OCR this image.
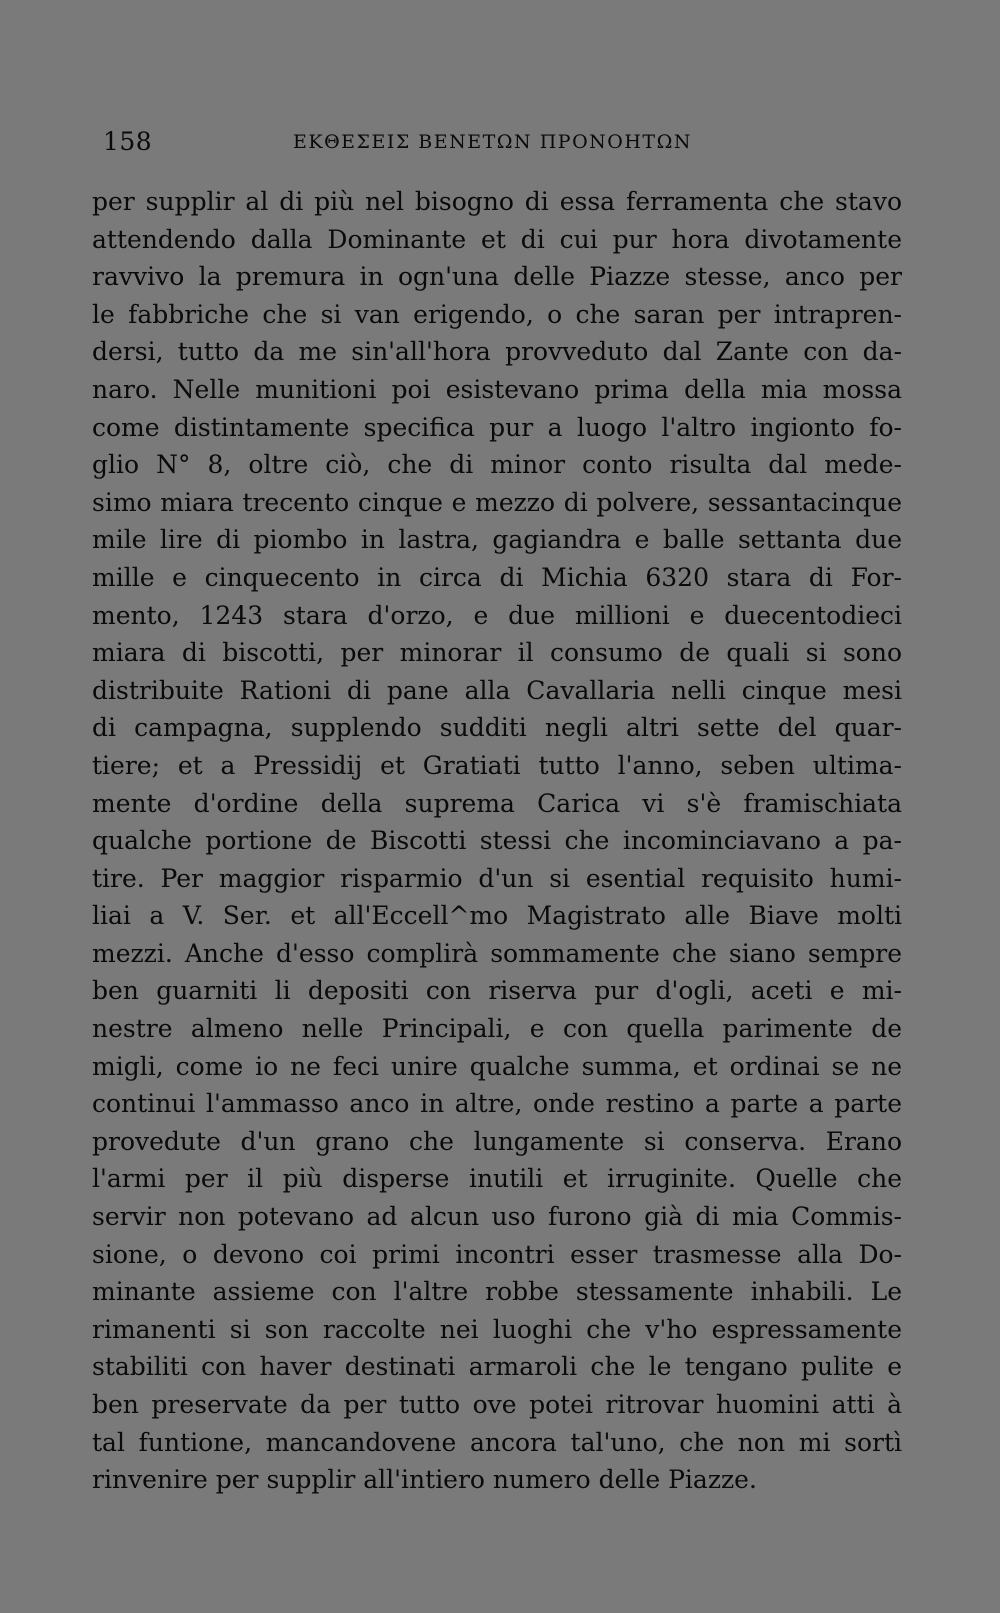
158	ΕΚΘΕΣΕΙΣ ΒΕΝΕΤΩΝ ΠΡΟΝΟΗΤΩΝ
per supplir al di più nel bisogno di essa ferramenta che stavo
attendendo dalla Dominante et di cui pur hora divotamente
ravvivo la premura in ogn'una delle Piazze stesse, anco per
le fabbriche che si van erigendo, o che saran per intrapren-
dersi, tutto da me sin'all'hora provveduto dal Zante con da-
naro. Nelle munitioni poi esistevano prima della mia mossa
come distintamente specifica pur a luogo l'altro ingionto fo-
glio N° 8, oltre ciò, che di minor conto risulta dal mede-
simo miara trecento cinque e mezzo di polvere, sessantacinque
mile lire di piombo in lastra, gagiandra e balle settanta due
mille e cinquecento in circa di Michia 6320 stara di For-
mento, 1243 stara d'orzo, e due millioni e duecentodieci
miara di biscotti, per minorar il consumo de quali si sono
distribuite Rationi di pane alla Cavallaria nelli cinque mesi
di campagna, supplendo sudditi negli altri sette del quar-
tiere; et a Pressidij et Gratiati tutto l'anno, seben ultima-
mente d'ordine della suprema Carica vi s'è framischiata
qualche portione de Biscotti stessi che incominciavano a pa-
tire. Per maggior risparmio d'un si esential requisito humi-
liai a V. Ser. et all'Eccell^mo Magistrato alle Biave molti
mezzi. Anche d'esso complirà sommamente che siano sempre
ben guarniti li depositi con riserva pur d'ogli, aceti e mi-
nestre almeno nelle Principali, e con quella parimente de
migli, come io ne feci unire qualche summa, et ordinai se ne
continui l'ammasso anco in altre, onde restino a parte a parte
provedute d'un grano che lungamente si conserva. Erano
l'armi per il più disperse inutili et irruginite. Quelle che
servir non potevano ad alcun uso furono già di mia Commis-
sione, o devono coi primi incontri esser trasmesse alla Do-
minante assieme con l'altre robbe stessamente inhabili. Le
rimanenti si son raccolte nei luoghi che v'ho espressamente
stabiliti con haver destinati armaroli che le tengano pulite e
ben preservate da per tutto ove potei ritrovar huomini atti à
tal funtione, mancandovene ancora tal'uno, che non mi sortì
rinvenire per supplir all'intiero numero delle Piazze.
